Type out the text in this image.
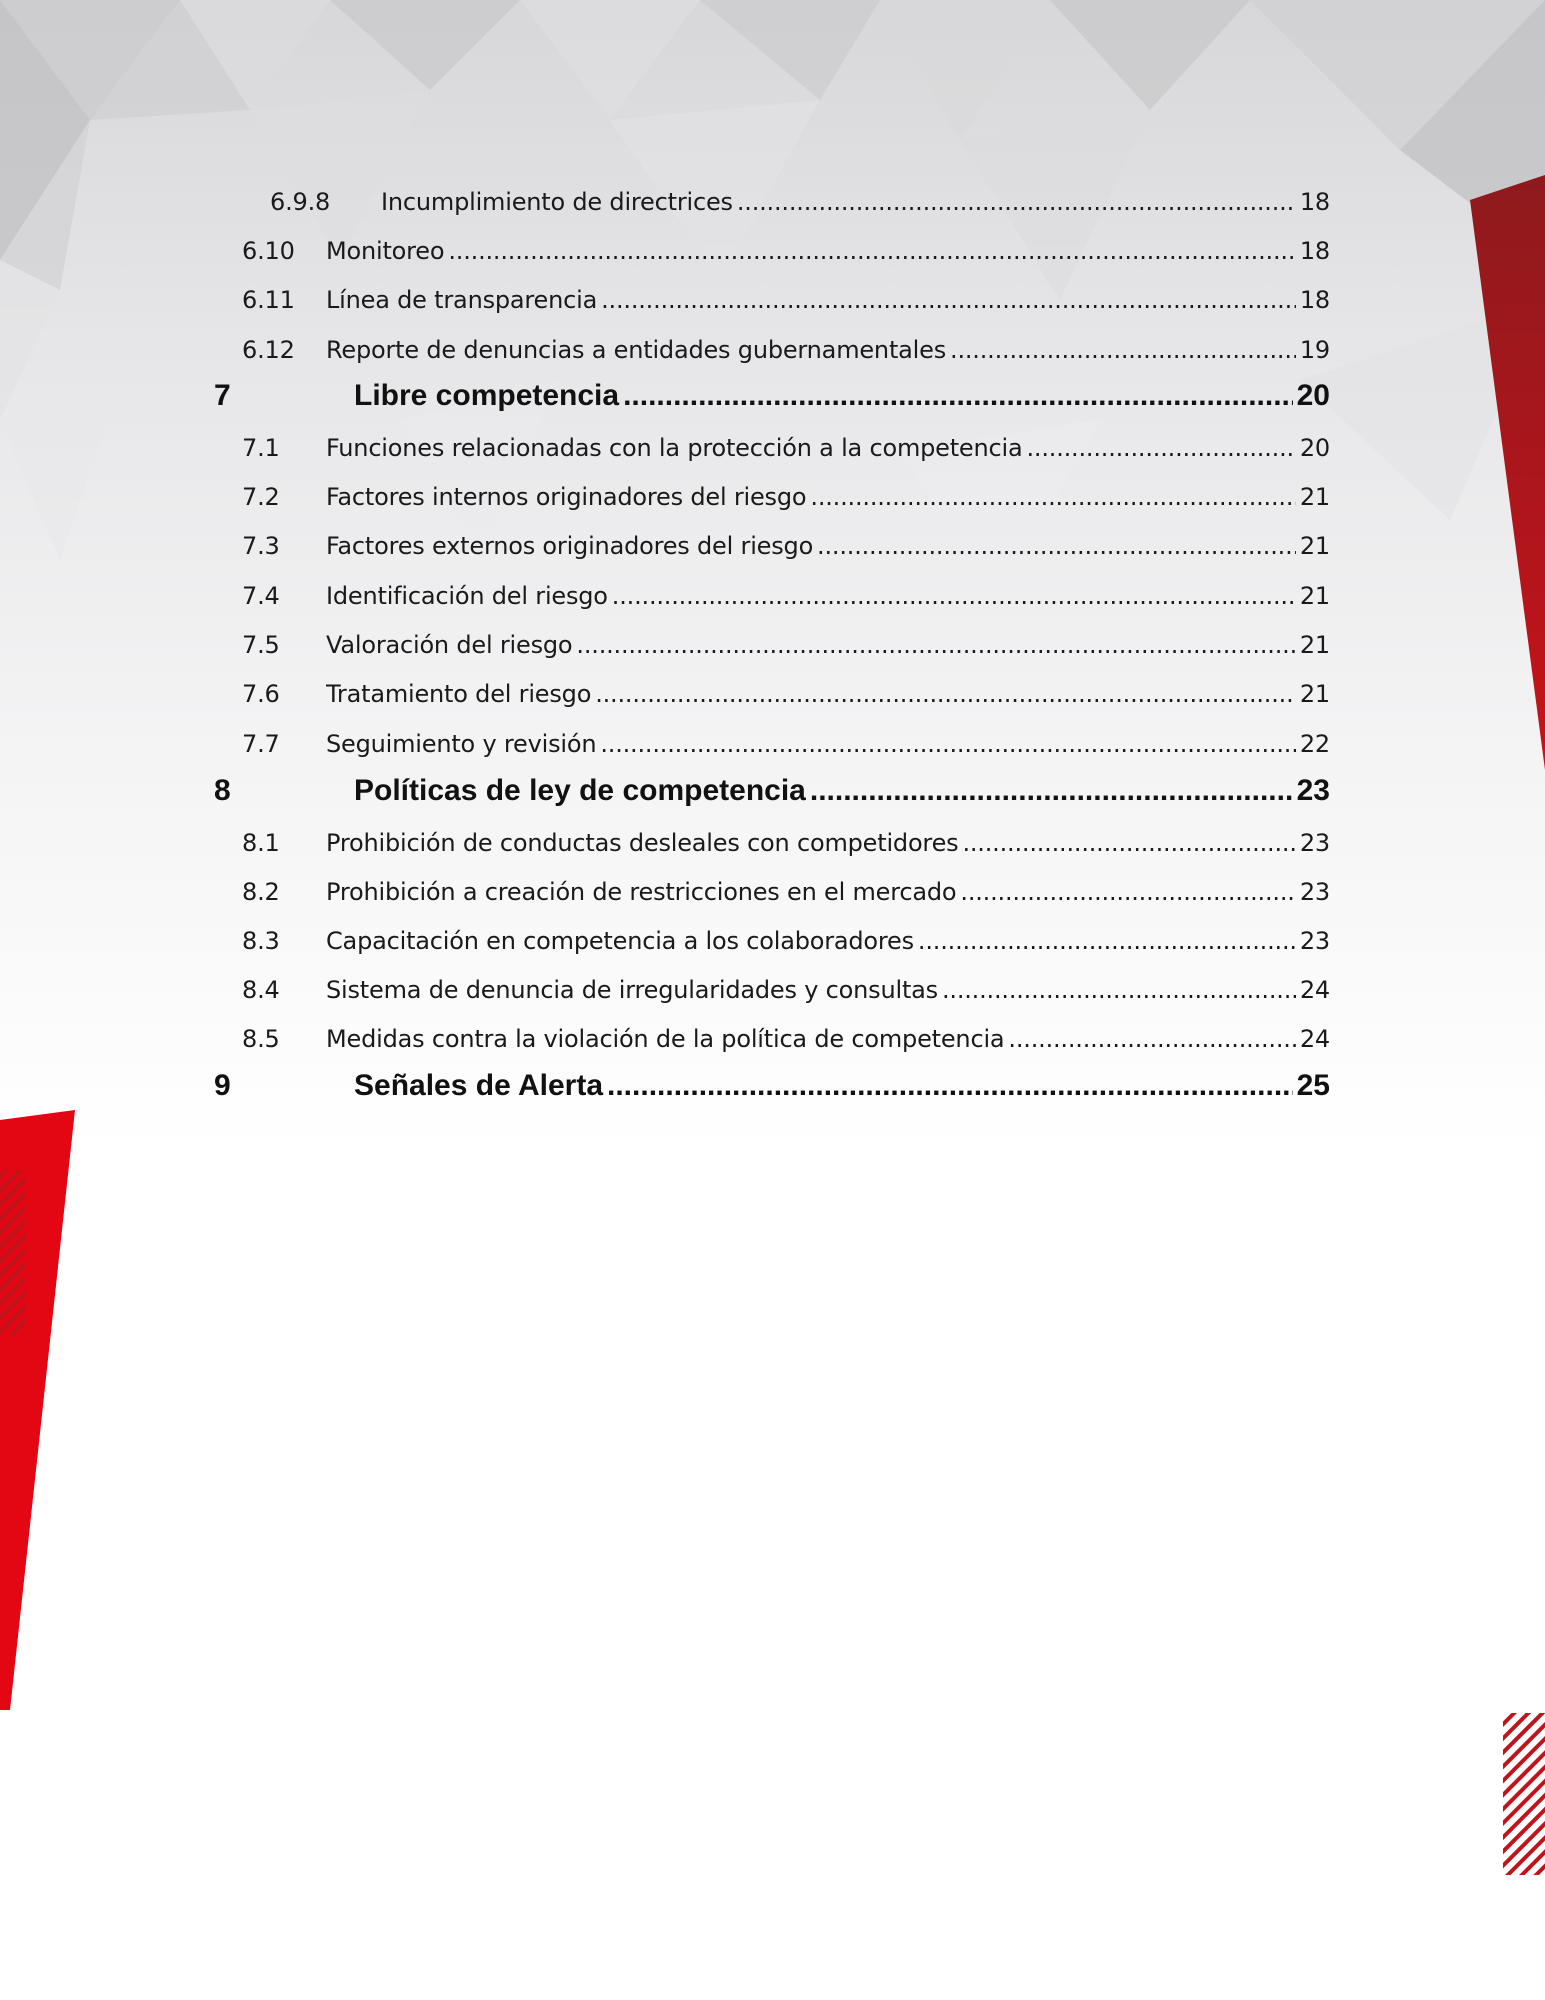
6.9.8 Incumplimiento de directrices .....	18
6.10 Monitoreo .....	18
6.11 Línea de transparencia .....	18
6.12 Reporte de denuncias a entidades gubernamentales .....	19
7	Libre competencia .....	20
7.1 Funciones relacionadas con la protección a la competencia .....	20
7.2 Factores internos originadores del riesgo .....	21
7.3 Factores externos originadores del riesgo .....	21
7.4 Identificación del riesgo .....	21
7.5 Valoración del riesgo .....	21
7.6 Tratamiento del riesgo .....	21
7.7 Seguimiento y revisión .....	22
8	Políticas de ley de competencia .....	23
8.1 Prohibición de conductas desleales con competidores .....	23
8.2 Prohibición a creación de restricciones en el mercado .....	23
8.3 Capacitación en competencia a los colaboradores .....	23
8.4 Sistema de denuncia de irregularidades y consultas .....	24
8.5 Medidas contra la violación de la política de competencia .....	24
9	Señales de Alerta .....	25
